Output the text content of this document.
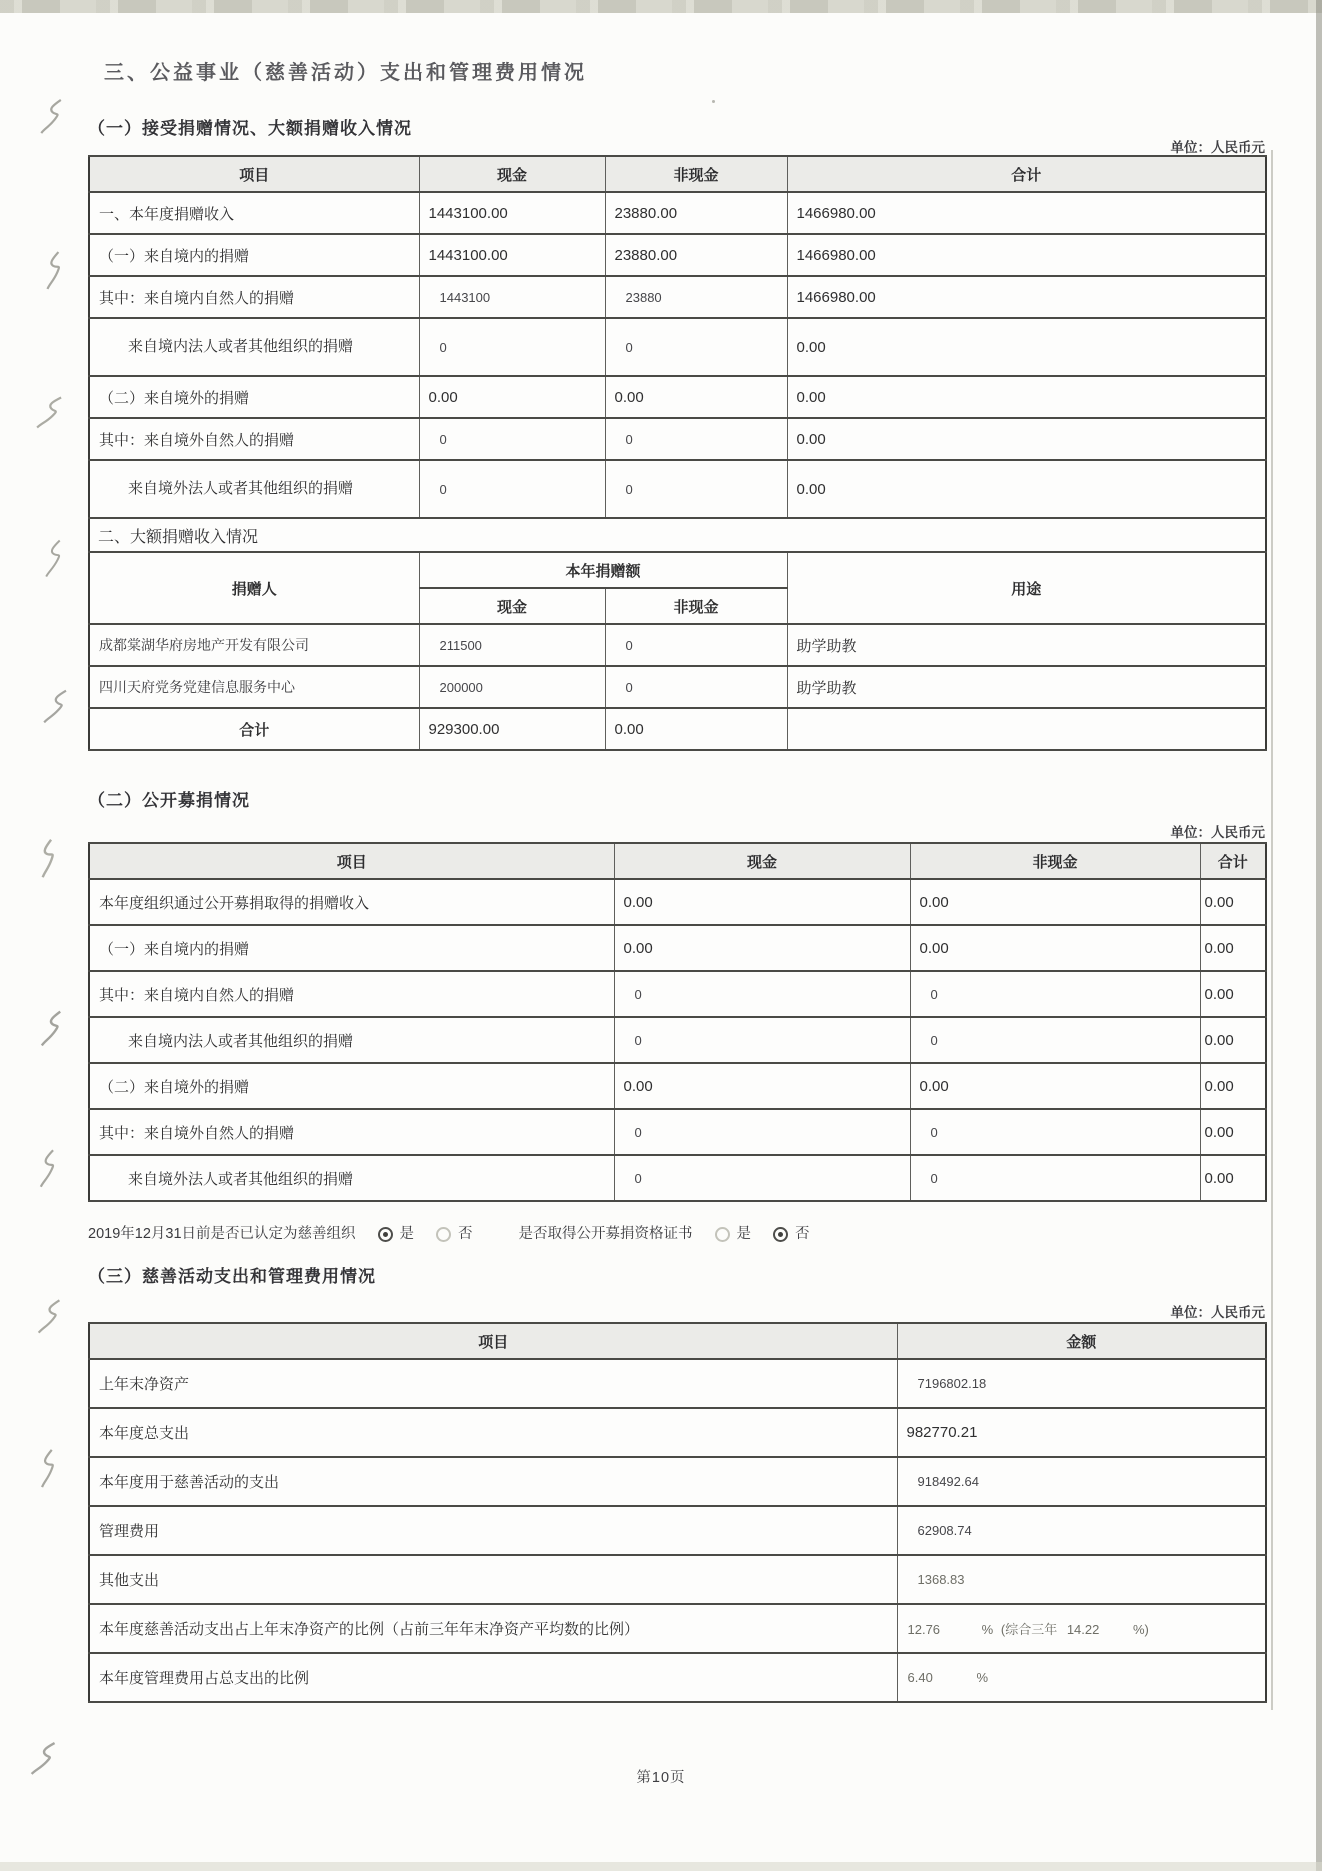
三、公益事业（慈善活动）支出和管理费用情况
（一）接受捐赠情况、大额捐赠收入情况
单位：人民币元
项目	现金	非现金	合计
一、本年度捐赠收入	1443100.00	23880.00	1466980.00
（一）来自境内的捐赠	1443100.00	23880.00	1466980.00
其中：来自境内自然人的捐赠	1443100	23880	1466980.00
来自境内法人或者其他组织的捐赠	0	0	0.00
（二）来自境外的捐赠	0.00	0.00	0.00
其中：来自境外自然人的捐赠	0	0	0.00
来自境外法人或者其他组织的捐赠	0	0	0.00
二、大额捐赠收入情况			
捐赠人	本年捐赠额		用途
	现金	非现金	
成都棠湖华府房地产开发有限公司	211500	0	助学助教
四川天府党务党建信息服务中心	200000	0	助学助教
合计	929300.00	0.00	
（二）公开募捐情况
单位：人民币元
项目	现金	非现金	合计
本年度组织通过公开募捐取得的捐赠收入	0.00	0.00	0.00
（一）来自境内的捐赠	0.00	0.00	0.00
其中：来自境内自然人的捐赠	0	0	0.00
来自境内法人或者其他组织的捐赠	0	0	0.00
（二）来自境外的捐赠	0.00	0.00	0.00
其中：来自境外自然人的捐赠	0	0	0.00
来自境外法人或者其他组织的捐赠	0	0	0.00
2019年12月31日前是否已认定为慈善组织	是	否	是否取得公开募捐资格证书	是	否
（三）慈善活动支出和管理费用情况
单位：人民币元
项目	金额
上年末净资产	7196802.18
本年度总支出	982770.21
本年度用于慈善活动的支出	918492.64
管理费用	62908.74
其他支出	1368.83
本年度慈善活动支出占上年末净资产的比例（占前三年年末净资产平均数的比例）	12.76 % (综合三年 14.22 %)
本年度管理费用占总支出的比例	6.40 %
第10页
